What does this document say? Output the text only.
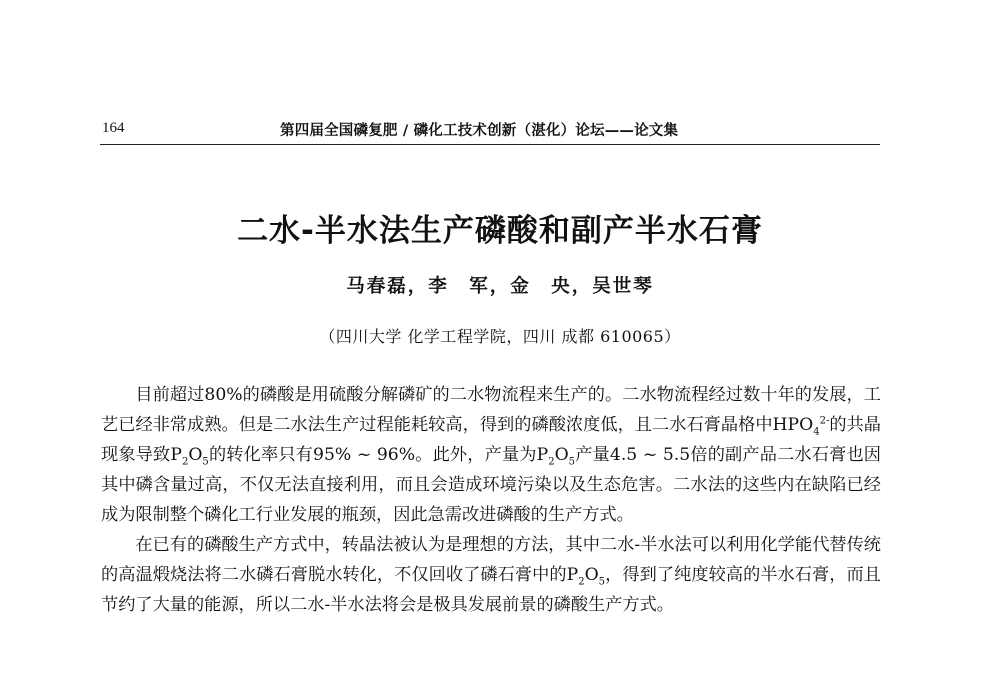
164	第四届全国磷复肥 / 磷化工技术创新（湛化）论坛——论文集
二水-半水法生产磷酸和副产半水石膏
马春磊，李　军，金　央，吴世琴
（四川大学 化学工程学院，四川 成都 610065）

目前超过80%的磷酸是用硫酸分解磷矿的二水物流程来生产的。二水物流程经过数十年的发展，工艺已经非常成熟。但是二水法生产过程能耗较高，得到的磷酸浓度低，且二水石膏晶格中$HPO_4^{2-}$的共晶现象导致$P_2O_5$的转化率只有95% ~ 96%。此外，产量为$P_2O_5$产量4.5 ~ 5.5倍的副产品二水石膏也因其中磷含量过高，不仅无法直接利用，而且会造成环境污染以及生态危害。二水法的这些内在缺陷已经成为限制整个磷化工行业发展的瓶颈，因此急需改进磷酸的生产方式。

在已有的磷酸生产方式中，转晶法被认为是理想的方法，其中二水-半水法可以利用化学能代替传统的高温煅烧法将二水磷石膏脱水转化，不仅回收了磷石膏中的$P_2O_5$，得到了纯度较高的半水石膏，而且节约了大量的能源，所以二水-半水法将会是极具发展前景的磷酸生产方式。
